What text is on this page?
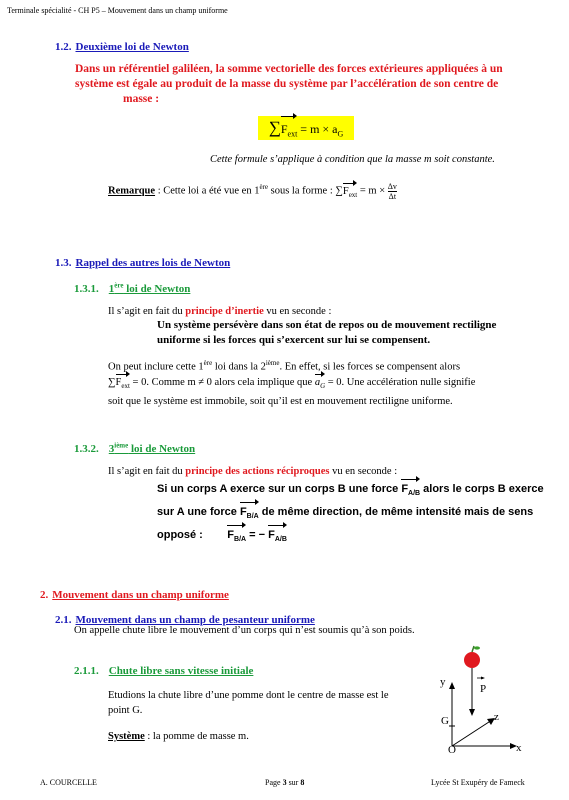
Terminale spécialité - CH P5 – Mouvement dans un champ uniforme
1.2. Deuxième loi de Newton
Dans un référentiel galiléen, la somme vectorielle des forces extérieures appliquées à un
système est égale au produit de la masse du système par l’accélération de son centre de
masse :
$\sum F_{ext} = m \times a_G$
Cette formule s’applique à condition que la masse m soit constante.
Remarque : Cette loi a été vue en 1ère sous la forme : $\sum F_{ext} = m \times \frac{\Delta v}{\Delta t}$
1.3. Rappel des autres lois de Newton
1.3.1. 1ère loi de Newton
Il s’agit en fait du principe d’inertie vu en seconde :
Un système persévère dans son état de repos ou de mouvement rectiligne
uniforme si les forces qui s’exercent sur lui se compensent.
On peut inclure cette 1ère loi dans la 2ième. En effet, si les forces se compensent alors
$\sum F_{ext} = 0$. Comme m ≠ 0 alors cela implique que $a_G = 0$. Une accélération nulle signifie
soit que le système est immobile, soit qu’il est en mouvement rectiligne uniforme.
1.3.2. 3ième loi de Newton
Il s’agit en fait du principe des actions réciproques vu en seconde :
Si un corps A exerce sur un corps B une force $F_{A/B}$ alors le corps B exerce
sur A une force $F_{B/A}$ de même direction, de même intensité mais de sens
opposé : $F_{B/A}$ = − $F_{A/B}$
2. Mouvement dans un champ uniforme
2.1. Mouvement dans un champ de pesanteur uniforme
On appelle chute libre le mouvement d’un corps qui n’est soumis qu’à son poids.
2.1.1. Chute libre sans vitesse initiale
Etudions la chute libre d’une pomme dont le centre de masse est le
point G.
Système : la pomme de masse m.
y
P
G	z
O	x
A. COURCELLE	Page 3 sur 8	Lycée St Exupéry de Fameck
